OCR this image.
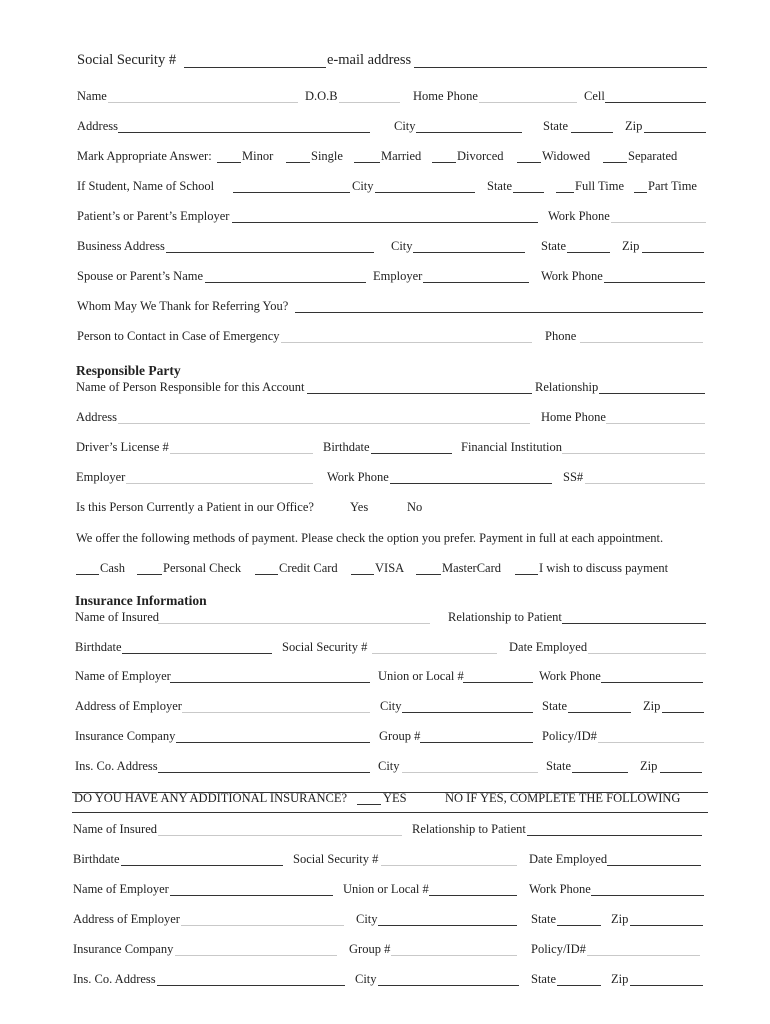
Responsible Party
Insurance Information
Social Security #	e-mail address
Name	D.O.B	Home Phone	Cell
Address	City	State	Zip
Mark Appropriate Answer: Minor	Single	Married	Divorced	Widowed	Separated
If Student, Name of School	City	State	Full Time Part Time
Patient’s or Parent’s Employer	Work Phone
Business Address	City	State	Zip
Spouse or Parent’s Name	Employer	Work Phone
Whom May We Thank for Referring You?
Person to Contact in Case of Emergency	Phone
Name of Person Responsible for this Account	Relationship
Address	Home Phone
Driver’s License #	Birthdate	Financial Institution
Employer	Work Phone	SS#
Is this Person Currently a Patient in our Office?	Yes	No
We offer the following methods of payment. Please check the option you prefer. Payment in full at each appointment.
Cash	Personal Check	Credit Card	VISA	MasterCard	I wish to discuss payment
Name of Insured	Relationship to Patient
Birthdate	Social Security #	Date Employed
Name of Employer	Union or Local #	Work Phone
Address of Employer	City	State	Zip
Insurance Company	Group #	Policy/ID#
Ins. Co. Address	City	State	Zip
DO YOU HAVE ANY ADDITIONAL INSURANCE?	YES	NO IF YES, COMPLETE THE FOLLOWING
Name of Insured	Relationship to Patient
Birthdate	Social Security #	Date Employed
Name of Employer	Union or Local #	Work Phone
Address of Employer	City	State	Zip
Insurance Company	Group #	Policy/ID#
Ins. Co. Address	City	State	Zip
